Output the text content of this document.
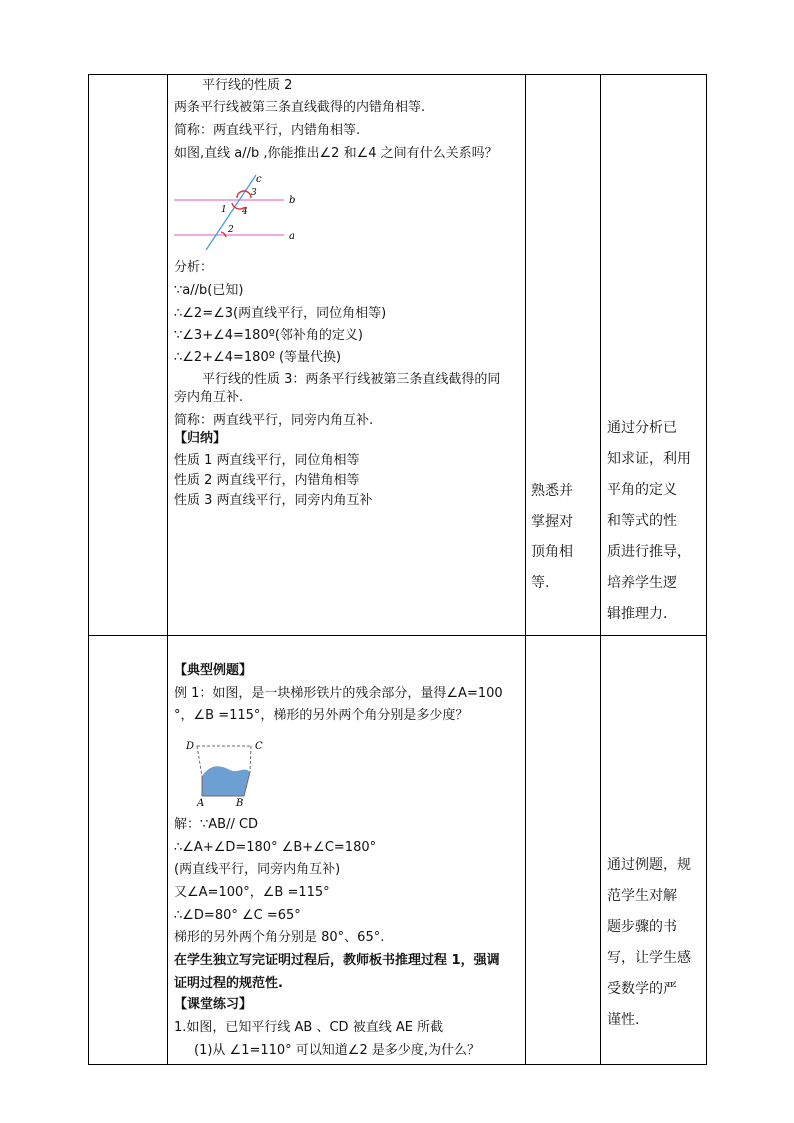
平行线的性质 2
两条平行线被第三条直线截得的内错角相等.
简称：两直线平行，内错角相等.
如图,直线 a//b ,你能推出∠2 和∠4 之间有什么关系吗？
c
b
a
1
3
4
2
分析：
∵a//b(已知)
∴∠2=∠3(两直线平行，同位角相等)
∵∠3+∠4=180º(邻补角的定义)
∴∠2+∠4=180º (等量代换)
平行线的性质 3：两条平行线被第三条直线截得的同
旁内角互补.
简称：两直线平行，同旁内角互补.
【归纳】
性质 1 两直线平行，同位角相等
性质 2 两直线平行，内错角相等
性质 3 两直线平行，同旁内角互补
熟悉并
掌握对
顶角相
等.
通过分析已
知求证，利用
平角的定义
和等式的性
质进行推导，
培养学生逻
辑推理力.
【典型例题】
例 1：如图，是一块梯形铁片的残余部分，量得∠A=100
°，∠B =115°，梯形的另外两个角分别是多少度？
D	C
A	B
解：∵AB// CD
∴∠A+∠D=180° ∠B+∠C=180°
(两直线平行，同旁内角互补)
又∠A=100°，∠B =115°
∴∠D=80° ∠C =65°
梯形的另外两个角分别是 80°、65°.
在学生独立写完证明过程后，教师板书推理过程 1，强调
证明过程的规范性.
【课堂练习】
1.如图，已知平行线 AB 、CD 被直线 AE 所截
(1)从 ∠1=110° 可以知道∠2 是多少度,为什么？
通过例题，规
范学生对解
题步骤的书
写，让学生感
受数学的严
谨性.
